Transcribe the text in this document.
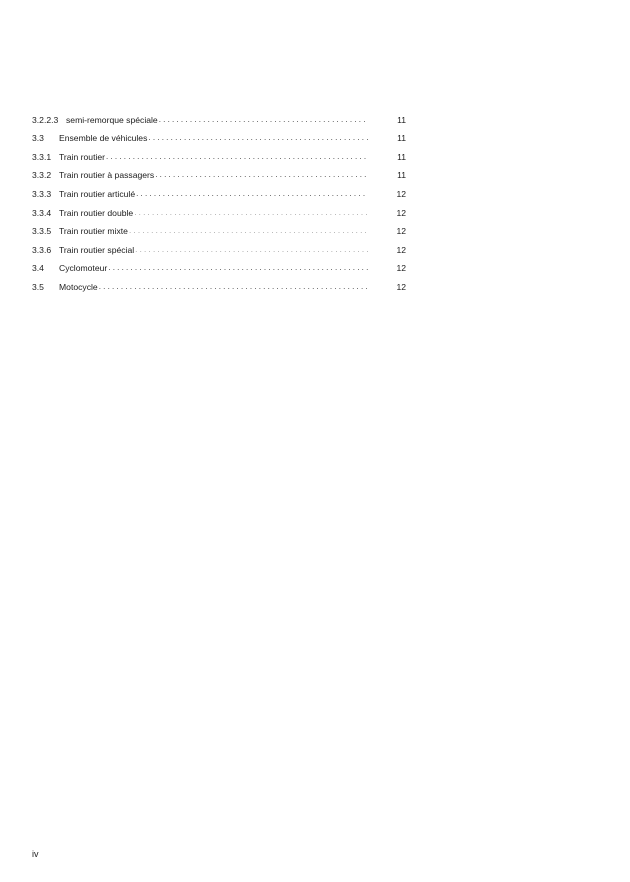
3.2.2.3 semi-remorque spéciale . . .	11
3.3	Ensemble de véhicules . . .	11
3.3.1 Train routier . . .	11
3.3.2 Train routier à passagers . . .	11
3.3.3 Train routier articulé . . .	12
3.3.4 Train routier double . . .	12
3.3.5 Train routier mixte . . .	12
3.3.6 Train routier spécial . . .	12
3.4	Cyclomoteur . . .	12
3.5	Motocycle . . .	12
iv
